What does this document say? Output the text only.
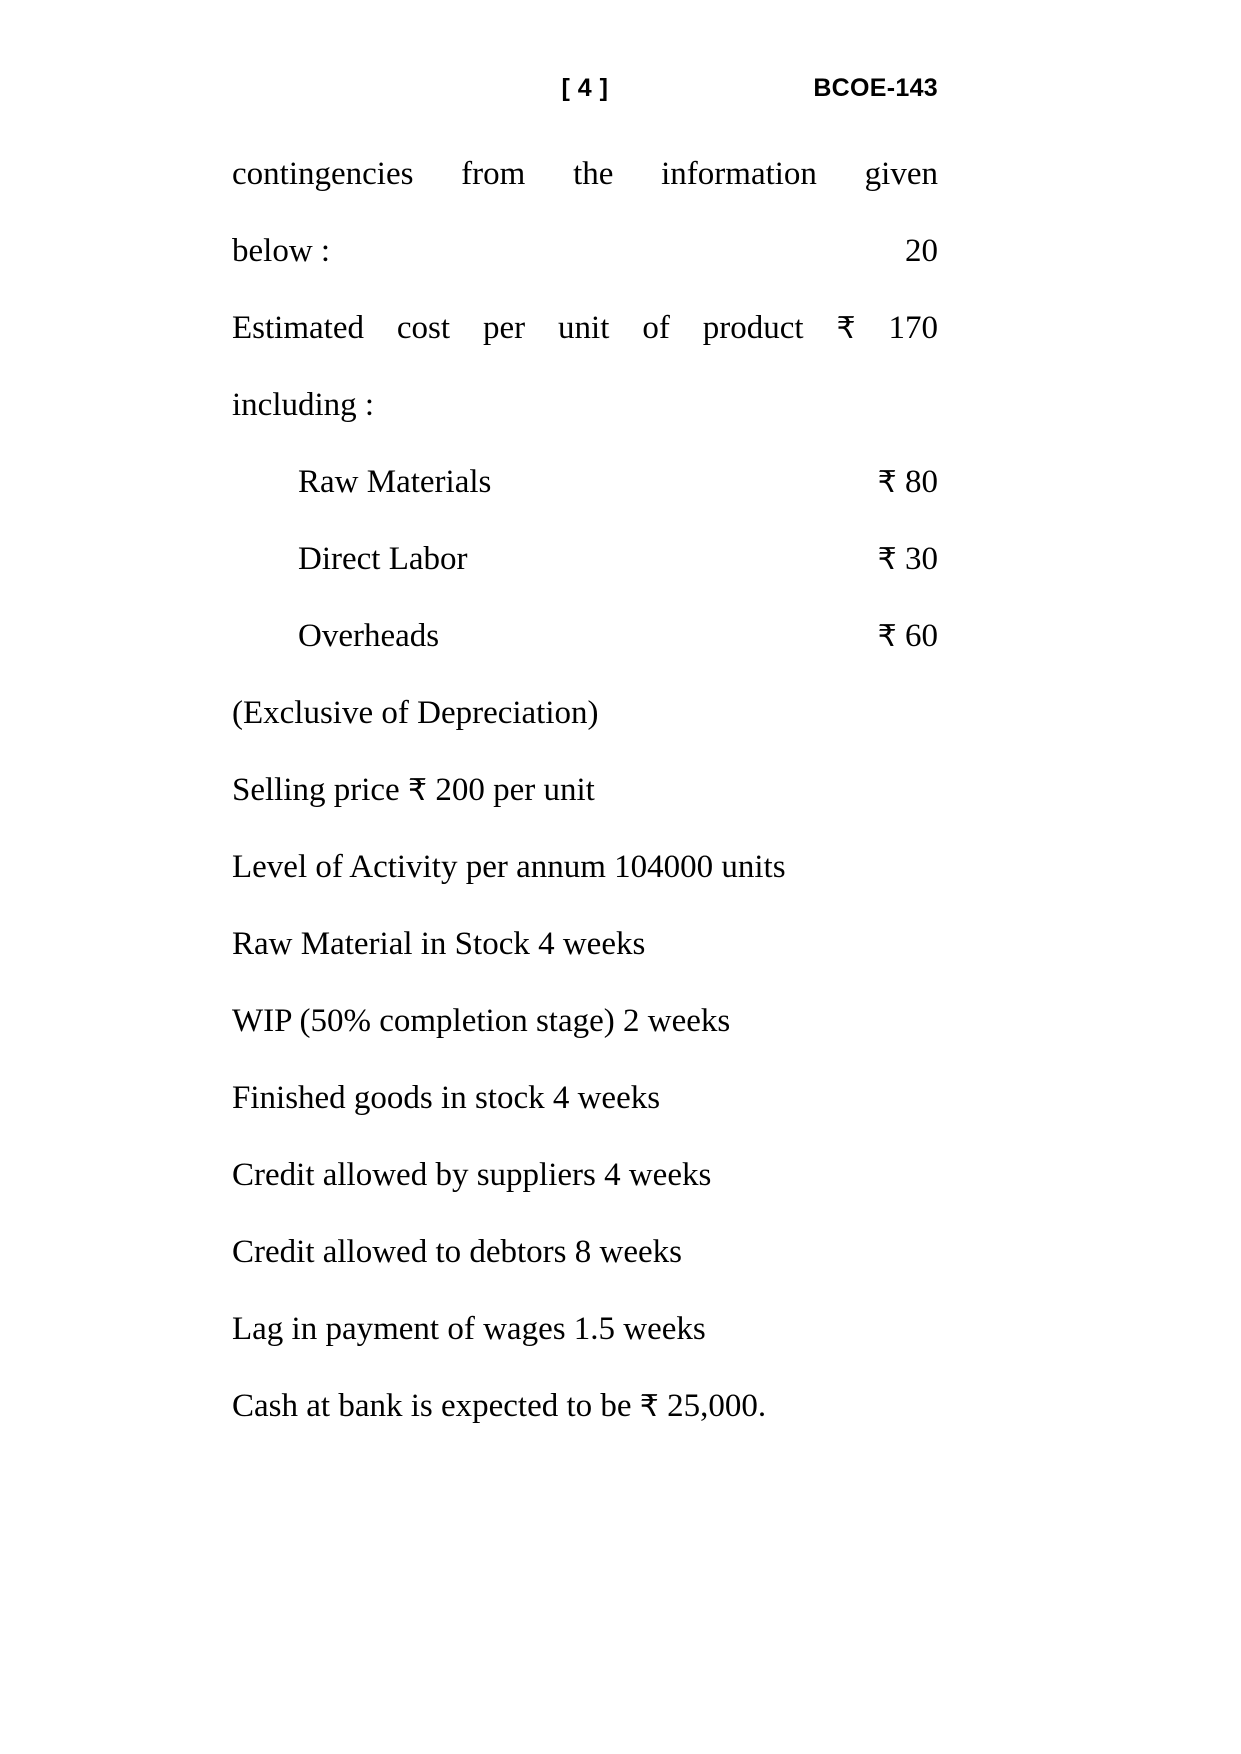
[ 4 ]	BCOE-143
contingencies from the information given
below :	20
Estimated cost per unit of product ₹ 170
including :
Raw Materials	₹ 80
Direct Labor	₹ 30
Overheads	₹ 60
(Exclusive of Depreciation)
Selling price ₹ 200 per unit
Level of Activity per annum 104000 units
Raw Material in Stock 4 weeks
WIP (50% completion stage) 2 weeks
Finished goods in stock 4 weeks
Credit allowed by suppliers 4 weeks
Credit allowed to debtors 8 weeks
Lag in payment of wages 1.5 weeks
Cash at bank is expected to be ₹ 25,000.
